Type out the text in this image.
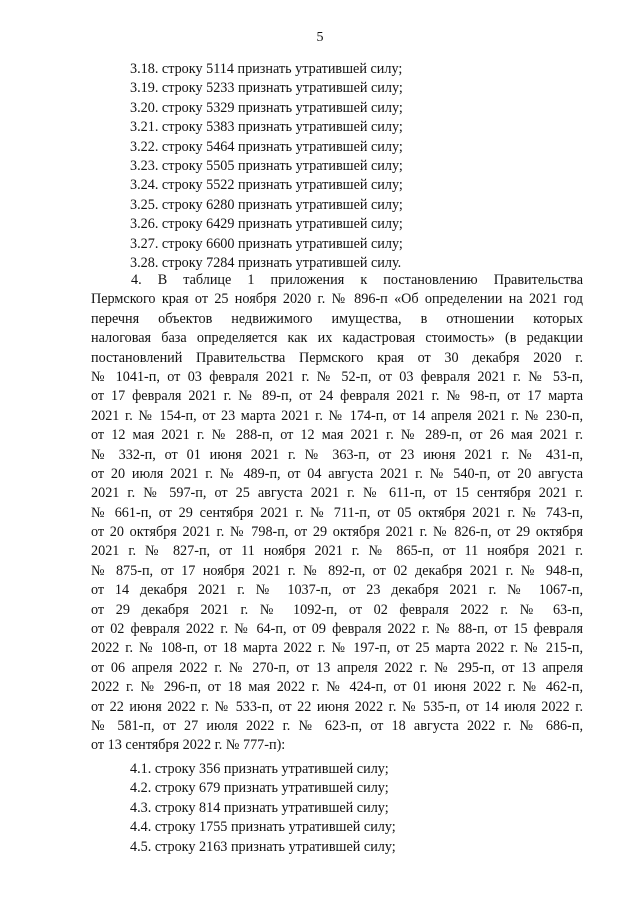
5
3.18. строку 5114 признать утратившей силу;
3.19. строку 5233 признать утратившей силу;
3.20. строку 5329 признать утратившей силу;
3.21. строку 5383 признать утратившей силу;
3.22. строку 5464 признать утратившей силу;
3.23. строку 5505 признать утратившей силу;
3.24. строку 5522 признать утратившей силу;
3.25. строку 6280 признать утратившей силу;
3.26. строку 6429 признать утратившей силу;
3.27. строку 6600 признать утратившей силу;
3.28. строку 7284 признать утратившей силу.
4. В таблице 1 приложения к постановлению Правительства
Пермского края от 25 ноября 2020 г. № 896-п «Об определении на 2021 год
перечня объектов недвижимого имущества, в отношении которых
налоговая база определяется как их кадастровая стоимость» (в редакции
постановлений Правительства Пермского края от 30 декабря 2020 г.
№ 1041-п, от 03 февраля 2021 г. № 52-п, от 03 февраля 2021 г. № 53-п,
от 17 февраля 2021 г. № 89-п, от 24 февраля 2021 г. № 98-п, от 17 марта
2021 г. № 154-п, от 23 марта 2021 г. № 174-п, от 14 апреля 2021 г. № 230-п,
от 12 мая 2021 г. № 288-п, от 12 мая 2021 г. № 289-п, от 26 мая 2021 г.
№ 332-п, от 01 июня 2021 г. № 363-п, от 23 июня 2021 г. № 431-п,
от 20 июля 2021 г. № 489-п, от 04 августа 2021 г. № 540-п, от 20 августа
2021 г. № 597-п, от 25 августа 2021 г. № 611-п, от 15 сентября 2021 г.
№ 661-п, от 29 сентября 2021 г. № 711-п, от 05 октября 2021 г. № 743-п,
от 20 октября 2021 г. № 798-п, от 29 октября 2021 г. № 826-п, от 29 октября
2021 г. № 827-п, от 11 ноября 2021 г. № 865-п, от 11 ноября 2021 г.
№ 875-п, от 17 ноября 2021 г. № 892-п, от 02 декабря 2021 г. № 948-п,
от 14 декабря 2021 г. № 1037-п, от 23 декабря 2021 г. № 1067-п,
от 29 декабря 2021 г. № 1092-п, от 02 февраля 2022 г. № 63-п,
от 02 февраля 2022 г. № 64-п, от 09 февраля 2022 г. № 88-п, от 15 февраля
2022 г. № 108-п, от 18 марта 2022 г. № 197-п, от 25 марта 2022 г. № 215-п,
от 06 апреля 2022 г. № 270-п, от 13 апреля 2022 г. № 295-п, от 13 апреля
2022 г. № 296-п, от 18 мая 2022 г. № 424-п, от 01 июня 2022 г. № 462-п,
от 22 июня 2022 г. № 533-п, от 22 июня 2022 г. № 535-п, от 14 июля 2022 г.
№ 581-п, от 27 июля 2022 г. № 623-п, от 18 августа 2022 г. № 686-п,
от 13 сентября 2022 г. № 777-п):
4.1. строку 356 признать утратившей силу;
4.2. строку 679 признать утратившей силу;
4.3. строку 814 признать утратившей силу;
4.4. строку 1755 признать утратившей силу;
4.5. строку 2163 признать утратившей силу;
